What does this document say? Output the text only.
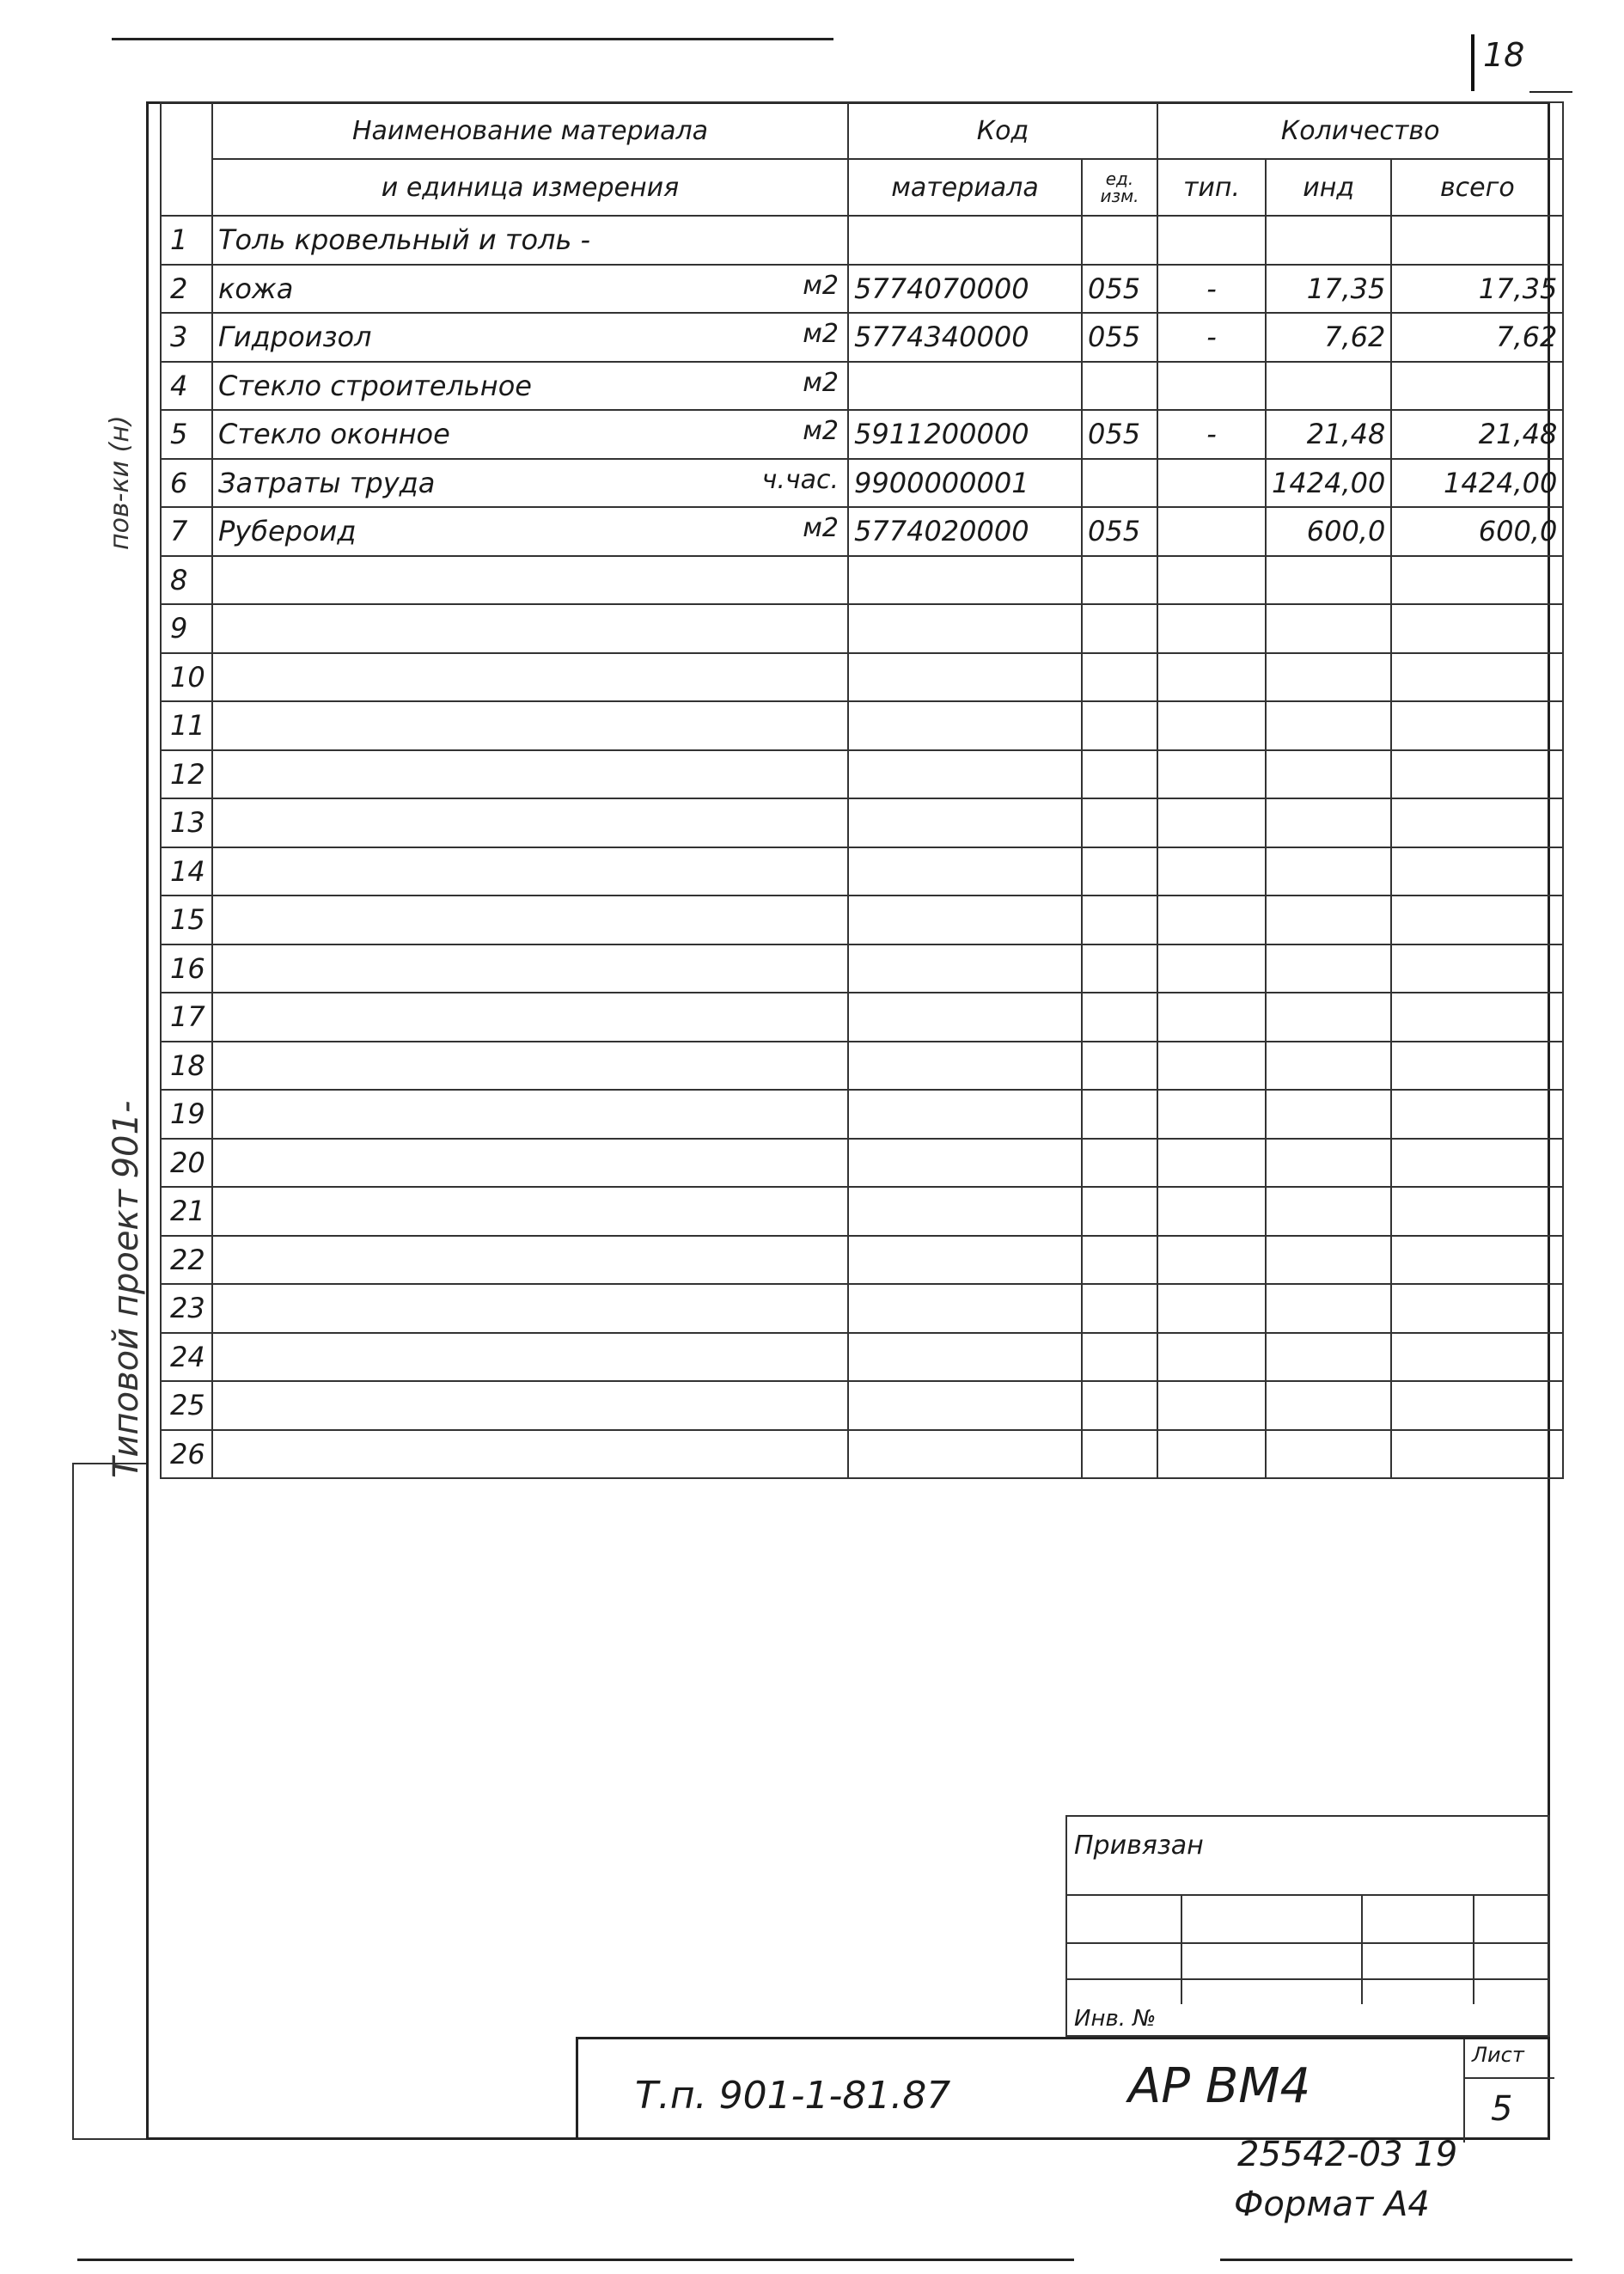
18
Типовой проект 901-
пов-ки (н)
	Наименование материала	Код		Количество		
	и единица измерения	материала	ед. изм.	тип.	инд	всего
1	Толь кровельный и толь -

2	кожа м2	5774070000	055	-	17,35	17,35
3	Гидроизол м2	5774340000	055	-	7,62	7,62
4	Стекло строительное м2					

5	Стекло оконное м2	5911200000	055	-	21,48	21,48
6	Затраты труда ч.час.	9900000001			1424,00	1424,00
7	Рубероид м2	5774020000	055		600,0	600,0
8	

9	

10	

11	

12	

13	

14	

15	

16	

17	

18	

19	

20	

21	

22	

23	

24	

25	

26	

Привязан
Инв. №
Т.п. 901-1-81.87	АР ВМ4
Лист
5
25542-03 19
Формат А4
